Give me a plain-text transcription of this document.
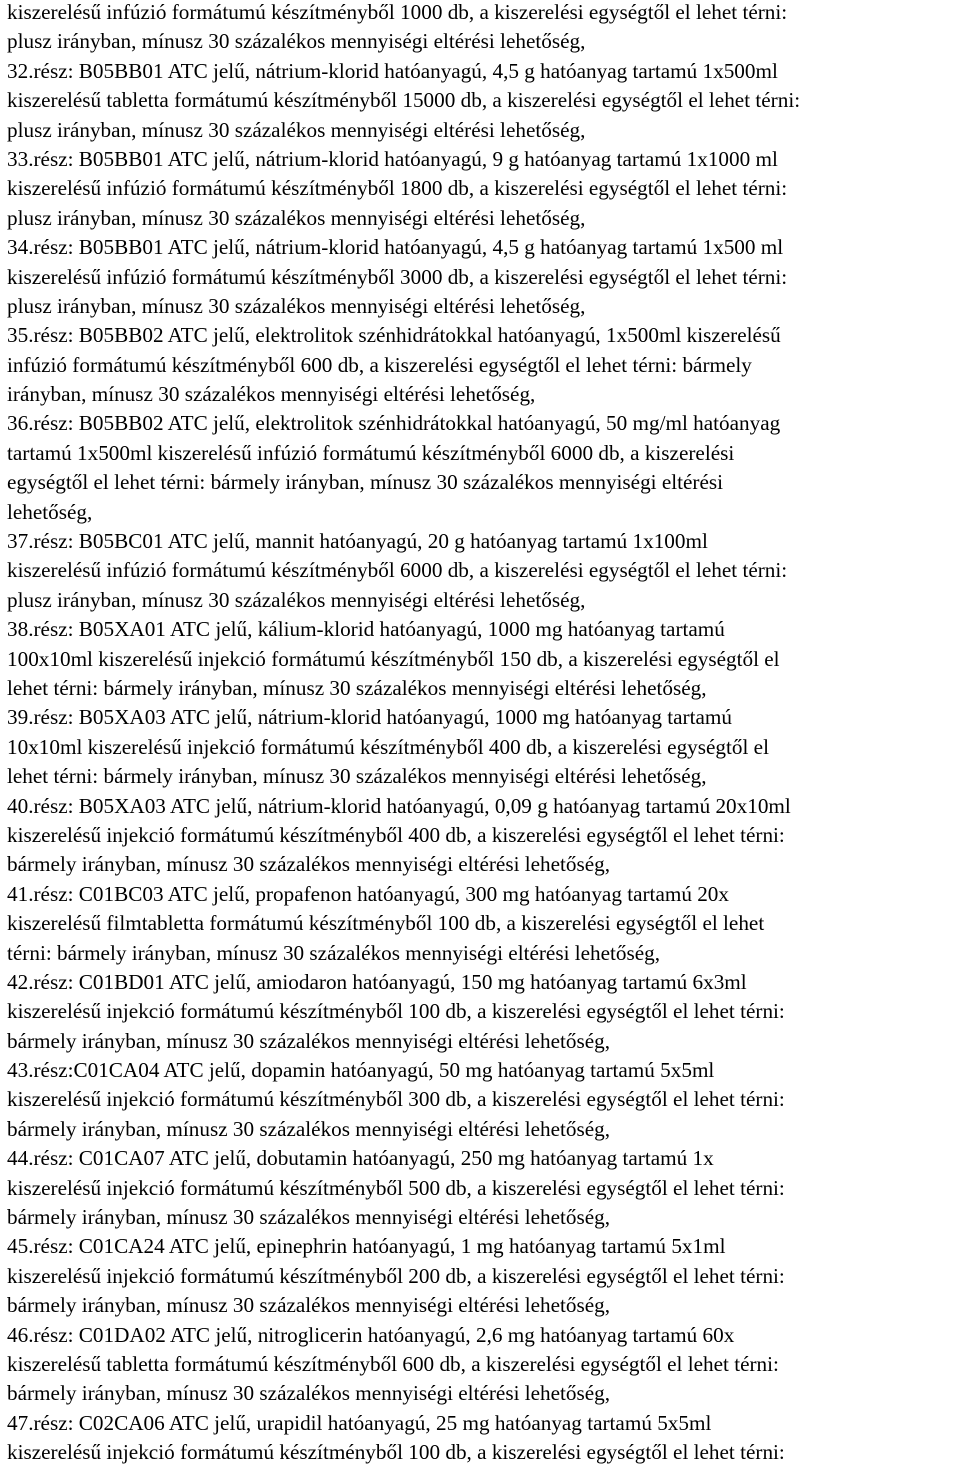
kiszerelésű infúzió formátumú készítményből 1000 db, a kiszerelési egységtől el lehet térni:
plusz irányban, mínusz 30 százalékos mennyiségi eltérési lehetőség,
32.rész: B05BB01 ATC jelű, nátrium-klorid hatóanyagú, 4,5 g hatóanyag tartamú 1x500ml
kiszerelésű tabletta formátumú készítményből 15000 db, a kiszerelési egységtől el lehet térni:
plusz irányban, mínusz 30 százalékos mennyiségi eltérési lehetőség,
33.rész: B05BB01 ATC jelű, nátrium-klorid hatóanyagú, 9 g hatóanyag tartamú 1x1000 ml
kiszerelésű infúzió formátumú készítményből 1800 db, a kiszerelési egységtől el lehet térni:
plusz irányban, mínusz 30 százalékos mennyiségi eltérési lehetőség,
34.rész: B05BB01 ATC jelű, nátrium-klorid hatóanyagú, 4,5 g hatóanyag tartamú 1x500 ml
kiszerelésű infúzió formátumú készítményből 3000 db, a kiszerelési egységtől el lehet térni:
plusz irányban, mínusz 30 százalékos mennyiségi eltérési lehetőség,
35.rész: B05BB02 ATC jelű, elektrolitok szénhidrátokkal hatóanyagú, 1x500ml kiszerelésű
infúzió formátumú készítményből 600 db, a kiszerelési egységtől el lehet térni: bármely
irányban, mínusz 30 százalékos mennyiségi eltérési lehetőség,
36.rész: B05BB02 ATC jelű, elektrolitok szénhidrátokkal hatóanyagú, 50 mg/ml hatóanyag
tartamú 1x500ml kiszerelésű infúzió formátumú készítményből 6000 db, a kiszerelési
egységtől el lehet térni: bármely irányban, mínusz 30 százalékos mennyiségi eltérési
lehetőség,
37.rész: B05BC01 ATC jelű, mannit hatóanyagú, 20 g hatóanyag tartamú 1x100ml
kiszerelésű infúzió formátumú készítményből 6000 db, a kiszerelési egységtől el lehet térni:
plusz irányban, mínusz 30 százalékos mennyiségi eltérési lehetőség,
38.rész: B05XA01 ATC jelű, kálium-klorid hatóanyagú, 1000 mg hatóanyag tartamú
100x10ml kiszerelésű injekció formátumú készítményből 150 db, a kiszerelési egységtől el
lehet térni: bármely irányban, mínusz 30 százalékos mennyiségi eltérési lehetőség,
39.rész: B05XA03 ATC jelű, nátrium-klorid hatóanyagú, 1000 mg hatóanyag tartamú
10x10ml kiszerelésű injekció formátumú készítményből 400 db, a kiszerelési egységtől el
lehet térni: bármely irányban, mínusz 30 százalékos mennyiségi eltérési lehetőség,
40.rész: B05XA03 ATC jelű, nátrium-klorid hatóanyagú, 0,09 g hatóanyag tartamú 20x10ml
kiszerelésű injekció formátumú készítményből 400 db, a kiszerelési egységtől el lehet térni:
bármely irányban, mínusz 30 százalékos mennyiségi eltérési lehetőség,
41.rész: C01BC03 ATC jelű, propafenon hatóanyagú, 300 mg hatóanyag tartamú 20x
kiszerelésű filmtabletta formátumú készítményből 100 db, a kiszerelési egységtől el lehet
térni: bármely irányban, mínusz 30 százalékos mennyiségi eltérési lehetőség,
42.rész: C01BD01 ATC jelű, amiodaron hatóanyagú, 150 mg hatóanyag tartamú 6x3ml
kiszerelésű injekció formátumú készítményből 100 db, a kiszerelési egységtől el lehet térni:
bármely irányban, mínusz 30 százalékos mennyiségi eltérési lehetőség,
43.rész:C01CA04 ATC jelű, dopamin hatóanyagú, 50 mg hatóanyag tartamú 5x5ml
kiszerelésű injekció formátumú készítményből 300 db, a kiszerelési egységtől el lehet térni:
bármely irányban, mínusz 30 százalékos mennyiségi eltérési lehetőség,
44.rész: C01CA07 ATC jelű, dobutamin hatóanyagú, 250 mg hatóanyag tartamú 1x
kiszerelésű injekció formátumú készítményből 500 db, a kiszerelési egységtől el lehet térni:
bármely irányban, mínusz 30 százalékos mennyiségi eltérési lehetőség,
45.rész: C01CA24 ATC jelű, epinephrin hatóanyagú, 1 mg hatóanyag tartamú 5x1ml
kiszerelésű injekció formátumú készítményből 200 db, a kiszerelési egységtől el lehet térni:
bármely irányban, mínusz 30 százalékos mennyiségi eltérési lehetőség,
46.rész: C01DA02 ATC jelű, nitroglicerin hatóanyagú, 2,6 mg hatóanyag tartamú 60x
kiszerelésű tabletta formátumú készítményből 600 db, a kiszerelési egységtől el lehet térni:
bármely irányban, mínusz 30 százalékos mennyiségi eltérési lehetőség,
47.rész: C02CA06 ATC jelű, urapidil hatóanyagú, 25 mg hatóanyag tartamú 5x5ml
kiszerelésű injekció formátumú készítményből 100 db, a kiszerelési egységtől el lehet térni:
